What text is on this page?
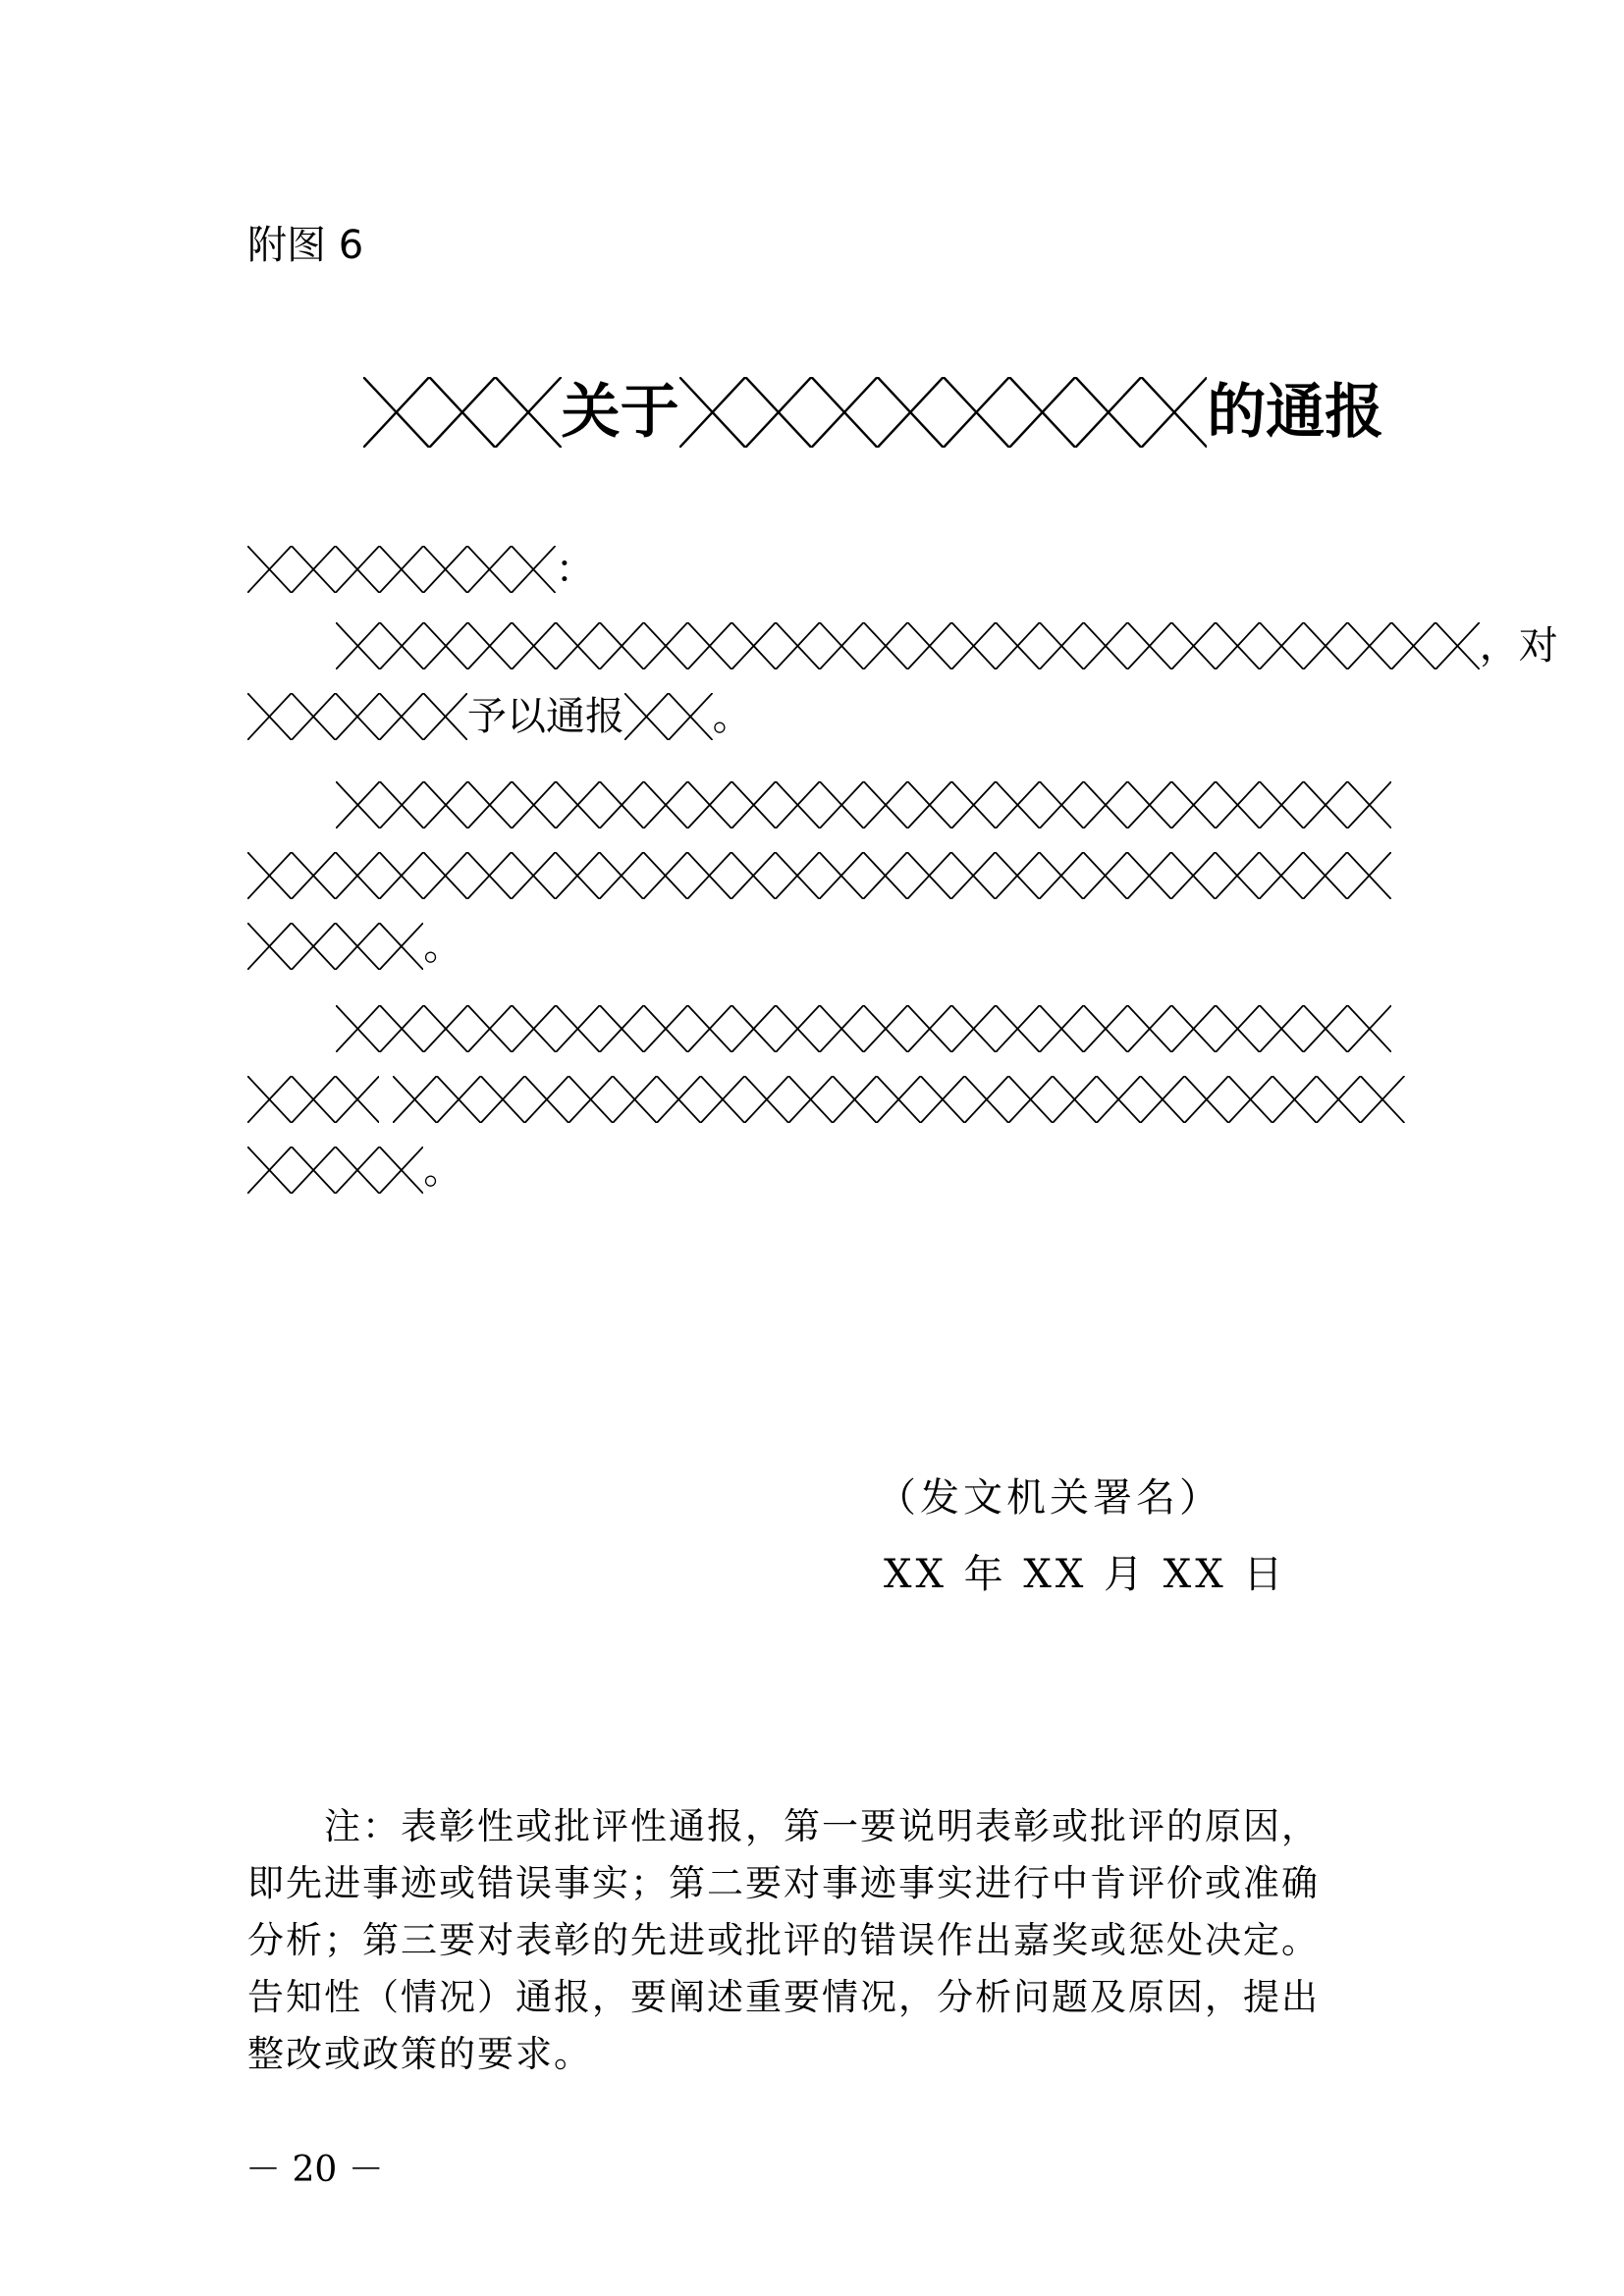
附图 6
关于	的通报
：
，对
予以通报 。
。
。
（发文机关署名）
XX 年 XX 月 XX 日
注：表彰性或批评性通报，第一要说明表彰或批评的原因，
即先进事迹或错误事实；第二要对事迹事实进行中肯评价或准确
分析；第三要对表彰的先进或批评的错误作出嘉奖或惩处决定。
告知性（情况）通报，要阐述重要情况，分析问题及原因，提出
整改或政策的要求。
－ 20 －
